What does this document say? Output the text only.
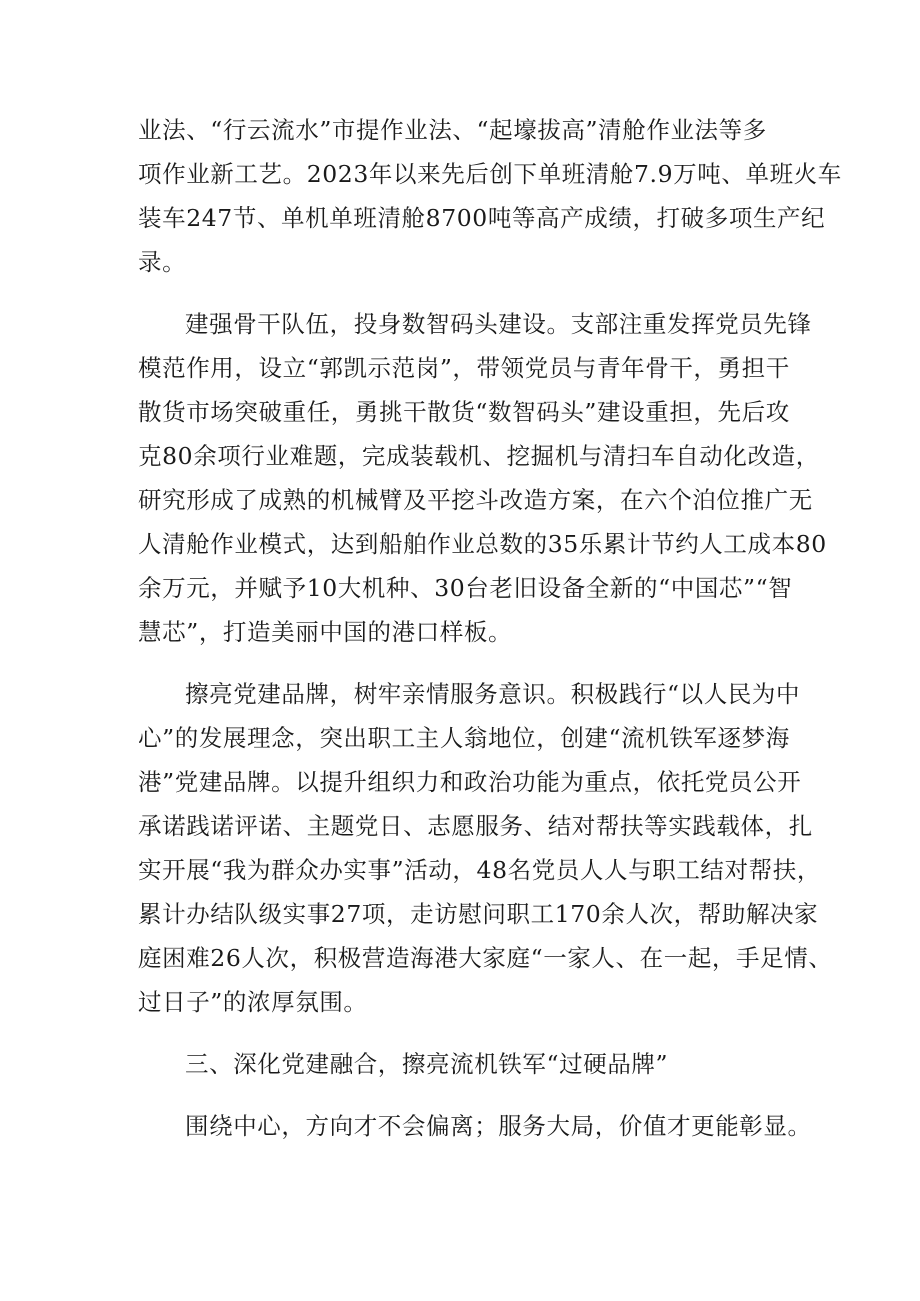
业法、“行云流水”市提作业法、“起壕拔高”清舱作业法等多
项作业新工艺。2023年以来先后创下单班清舱7.9万吨、单班火车
装车247节、单机单班清舱8700吨等高产成绩，打破多项生产纪
录。

建强骨干队伍，投身数智码头建设。支部注重发挥党员先锋
模范作用，设立“郭凯示范岗”，带领党员与青年骨干，勇担干
散货市场突破重任，勇挑干散货“数智码头”建设重担，先后攻
克80余项行业难题，完成装载机、挖掘机与清扫车自动化改造，
研究形成了成熟的机械臂及平挖斗改造方案，在六个泊位推广无
人清舱作业模式，达到船舶作业总数的35乐累计节约人工成本80
余万元，并赋予10大机种、30台老旧设备全新的“中国芯”“智
慧芯”，打造美丽中国的港口样板。

擦亮党建品牌，树牢亲情服务意识。积极践行“以人民为中
心”的发展理念，突出职工主人翁地位，创建“流机铁军逐梦海
港”党建品牌。以提升组织力和政治功能为重点，依托党员公开
承诺践诺评诺、主题党日、志愿服务、结对帮扶等实践载体，扎
实开展“我为群众办实事”活动，48名党员人人与职工结对帮扶，
累计办结队级实事27项，走访慰问职工170余人次，帮助解决家
庭困难26人次，积极营造海港大家庭“一家人、在一起，手足情、
过日子”的浓厚氛围。

三、深化党建融合，擦亮流机铁军“过硬品牌”

围绕中心，方向才不会偏离；服务大局，价值才更能彰显。
